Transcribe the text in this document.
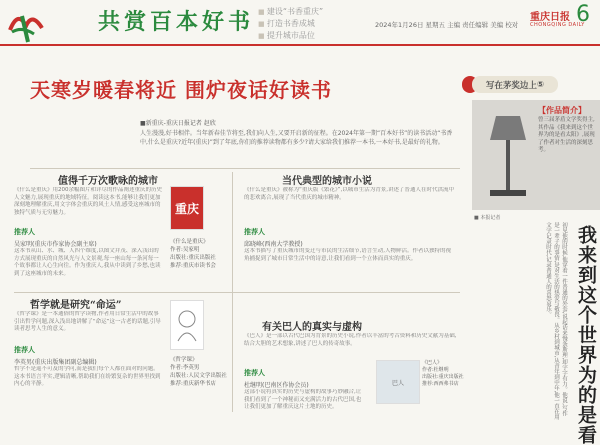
共赏百本好书
■	建设“书香重庆”
■ 打造书香成城
■ 提升城市品位
2024年1月26日 星期五 主编 责任编辑 美编 校对
重庆日报
CHONGQING DAILY
6
天寒岁暖春将近 围炉夜话好读书
■新重庆-重庆日报记者 赵欣
人生漫漫,好书相伴。当年新春佳节将至,我们向人生,又要开启新的征程。在2024年第一期“百本好书”的读书活动“书香中,什么是重庆?近年(重庆)”到了年底,你们的推荐读物都有多少?请大家给我们推荐一本书,一本好书,是最好的礼物。
值得千万次歌咏的城市
《什么是重庆》用200余幅图片和详尽的作品阐述重庆的历史人文魅力,展现重庆的地域特征。阅读这本书,能够让我们更加深刻地理解重庆,用文字体会重庆的风土人情,感受这座城市的独特气质与无穷魅力。
推荐人
吴家明(重庆市作家协会副主席)
这本书从山、水、城、人四个维度,以图文并茂、深入浅出的方式展现重庆的自然风光与人文景观,每一座山每一条河每一个故事都让人心生向往。作为重庆人,我从中读到了乡愁,也读到了这座城市的未来。
重庆
《什么是重庆》
作者:吴家明
出版社:重庆出版社
推荐:重庆市读书会
当代典型的城市小说
《什么是重庆》被称为“重庆版《繁花》”,以城市生活为背景,讲述了普通人在时代洪流中的悲欢离合,展现了当代重庆的城市精神。
推荐人
邱晓峰(西南大学教授)
这本书描写了重庆城市的变迁与市民的生活细节,语言生动,人物鲜活。作者以独特的视角捕捉到了城市日常生活中的诗意,让我们看到一个立体而真实的重庆。
哲学就是研究“命运”
《哲学课》是一本通俗的哲学读物,作者用日常生活中的故事引出哲学问题,深入浅出地讲解了“命运”这一古老的话题,引导读者思考人生的意义。
推荐人
李英男(重庆出版集团副总编辑)
哲学不是遥不可及的学问,而是我们每个人都在面对的问题。这本书语言平实,逻辑清晰,帮助我们在纷繁复杂的世界里找到内心的平静。
《哲学课》
作者:李英男
出版社:人民文学出版社
推荐:重庆新华书店
有关巴人的真实与虚构
《巴人》是一部以古代巴国为背景的历史小说,作者以丰富的考古资料和历史文献为基础,结合大胆的艺术想象,讲述了巴人的传奇故事。
推荐人
杜继明(巴南区作协会员)
这部小说将真实的历史与虚构的故事巧妙融合,让我们看到了一个神秘而又充满活力的古代巴国,也让我们更加了解重庆这片土地的历史。
巴人
《巴人》
作者:杜继明
出版社:重庆出版社
推荐:西西弗书店
写在茅奖边上 ⑤
【作品简介】
曾三届茅盾文学奖得主,其作品《我来到这个世界为的是看太阳》,展现了作者对生活的深刻思考。
■ 本报记者
初见他的时候,他穿着一件普通的外套,说起话来慢条斯理,却字字有力。他说,写作是一辈子的事情,是对生活的热爱与敬畏。从乡村到城市,从青年到中年,他一直在用文字记录时代,记录普通人的喜怒哀乐。	我来到这个世界为的是看
